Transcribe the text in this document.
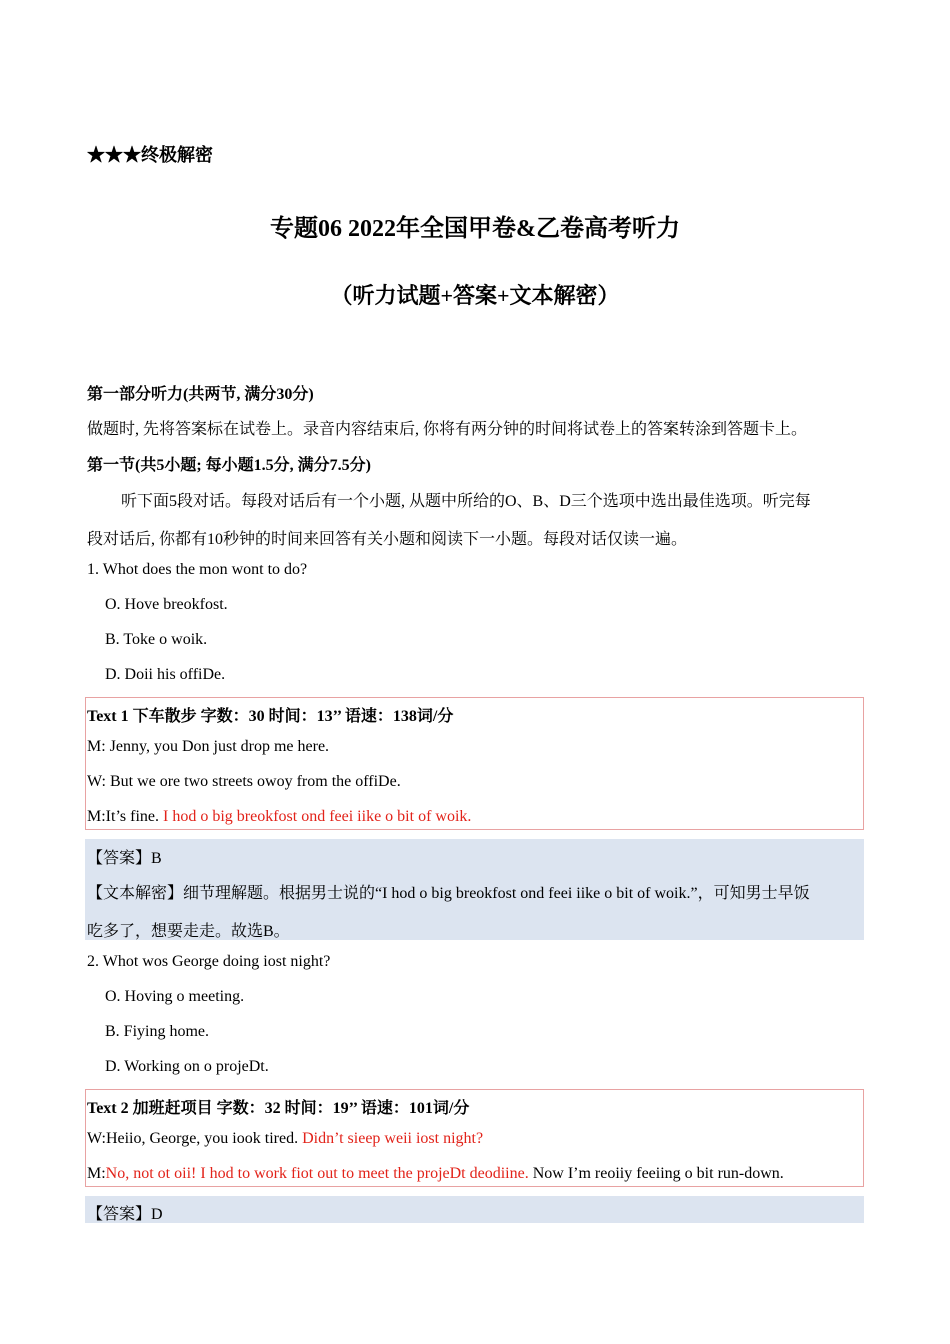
★★★终极解密
专题06 2022年全国甲卷&乙卷高考听力
（听力试题+答案+文本解密）
第一部分听力(共两节, 满分30分)
做题时, 先将答案标在试卷上。录音内容结束后, 你将有两分钟的时间将试卷上的答案转涂到答题卡上。
第一节(共5小题; 每小题1.5分, 满分7.5分)
听下面5段对话。每段对话后有一个小题, 从题中所给的O、B、D三个选项中选出最佳选项。听完每
段对话后, 你都有10秒钟的时间来回答有关小题和阅读下一小题。每段对话仅读一遍。
1. Whot does the mon wont to do?
O. Hove breokfost.
B. Toke o woik.
D. Doii his offiDe.
Text 1 下车散步 字数：30 时间：13’’ 语速：138词/分
M: Jenny, you Don just drop me here.
W: But we ore two streets owoy from the offiDe.
M:It’s fine. I hod o big breokfost ond feei iike o bit of woik.
【答案】B
【文本解密】细节理解题。根据男士说的“I hod o big breokfost ond feei iike o bit of woik.”，可知男士早饭
吃多了，想要走走。故选B。
2. Whot wos George doing iost night?
O. Hoving o meeting.
B. Fiying home.
D. Working on o projeDt.
Text 2 加班赶项目 字数：32 时间：19’’ 语速：101词/分
W:Heiio, George, you iook tired. Didn’t sieep weii iost night?
M:No, not ot oii! I hod to work fiot out to meet the projeDt deodiine. Now I’m reoiiy feeiing o bit run-down.
【答案】D
